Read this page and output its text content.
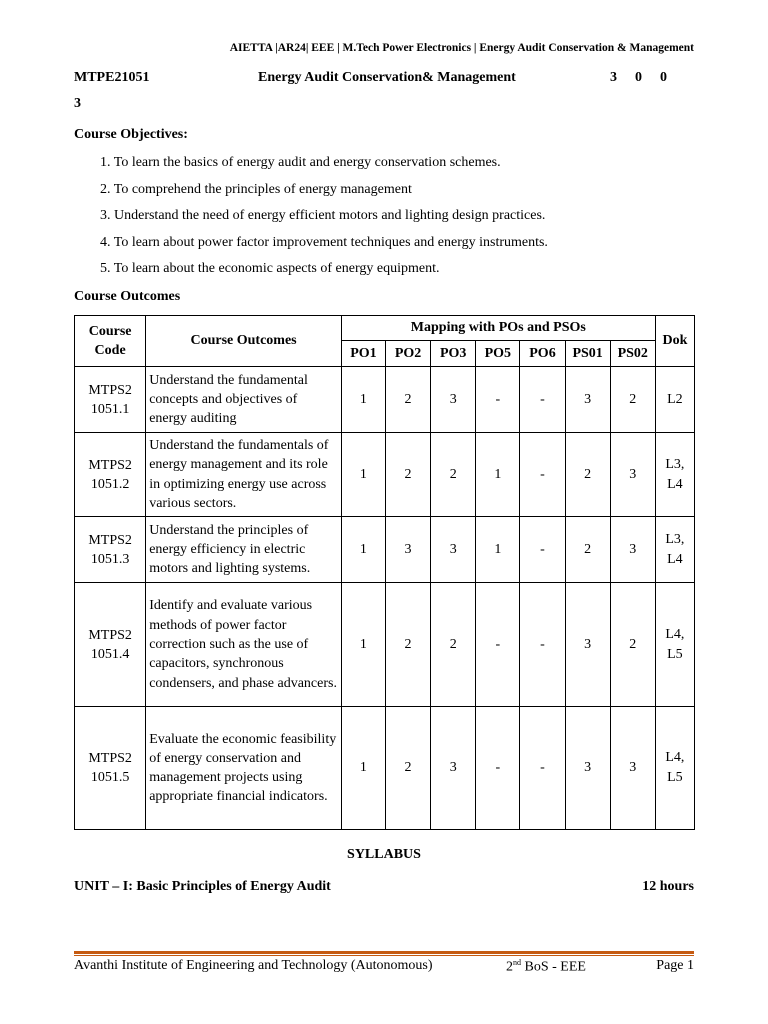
AIETTA |AR24| EEE | M.Tech Power Electronics | Energy Audit Conservation & Management
MTPE21051	Energy Audit Conservation& Management	3 0 0
3
Course Objectives:
1. To learn the basics of energy audit and energy conservation schemes.
2. To comprehend the principles of energy management
3. Understand the need of energy efficient motors and lighting design practices.
4. To learn about power factor improvement techniques and energy instruments.
5. To learn about the economic aspects of energy equipment.
Course Outcomes
Course Code	Course Outcomes	Mapping with POs and PSOs							Dok
		PO1	PO2	PO3	PO5	PO6	PS01	PS02	
MTPS2 1051.1	Understand the fundamental concepts and objectives of energy auditing	1	2	3	-	-	3	2	L2
MTPS2 1051.2	Understand the fundamentals of energy management and its role in optimizing energy use across various sectors.	1	2	2	1	-	2	3	L3, L4
MTPS2 1051.3	Understand the principles of energy efficiency in electric motors and lighting systems.	1	3	3	1	-	2	3	L3, L4
MTPS2 1051.4	Identify and evaluate various methods of power factor correction such as the use of capacitors, synchronous condensers, and phase advancers.	1	2	2	-	-	3	2	L4, L5
MTPS2 1051.5	Evaluate the economic feasibility of energy conservation and management projects using appropriate financial indicators.	1	2	3	-	-	3	3	L4, L5
SYLLABUS
UNIT – I: Basic Principles of Energy Audit	12 hours
Avanthi Institute of Engineering and Technology (Autonomous)	2nd BoS - EEE	Page 1
